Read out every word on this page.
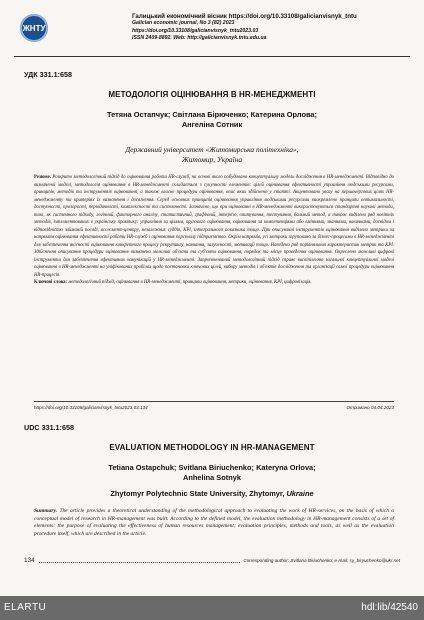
ЖНТУ
Галицький економічний вісник https://doi.org/10.33108/galicianvisnyk_tntu
Galician economic journal, No 3 (82) 2023
https://doi.org/10.33108/galicianvisnyk_tntu2023.03
ISSN 2409-8892. Web: http://galicianvisnyk.tntu.edu.ua
УДК 331.1:658
МЕТОДОЛОГІЯ ОЦІНЮВАННЯ В HR-МЕНЕДЖМЕНТІ
Тетяна Остапчук; Світлана Бірюченко; Катерина Орлова;
Ангеліна Сотник
Державний університет «Житомирська політехніка»,
Житомир, Україна
Резюме. Розкрито методологічний підхід до оцінювання роботи HR-служб, на основі якого побудовано концептуальну модель дослідження в HR-менеджменті. Відповідно до визначеної моделі, методологія оцінювання в HR-менеджменті складається з сукупності елементів: цілей оцінювання ефективності управління людськими ресурсами, принципів, методів та інструментів оцінювання, а також власне процедури оцінювання, опис яких здійснено у статті. Акцентовано увагу на першочергових цілях HR-менеджменту та критеріях їх визначення і досягнення. Серед основних принципів оцінювання управління людськими ресурсами виокремлено принципи оптимальності, доступності, прозорості, періодичності, комплексності та системності. Зазначено, що при оцінюванні в HR-менеджменті використовуються стандартні наукові методи, такі, як системного підходу, логічний, факторного аналізу, статистичний, графічний, інтерв'ю, опитування, тестування, бальний метод, а також виділено ряд новітніх методів, імплементованих в українську практику: управління за цілями, кругового оцінювання, оцінювання за компетенціями або вміннями, знаннями, навичками, досвідом і відповідністю займаній посаді, ассесмент-центру, незалежних суддів, KPI, інтегрального показника тощо. При описуванні інструментів оцінювання виділено метрики за напрямом оцінювання ефективності роботи HR-служб і оцінювання персоналу підприємства. Окрім напрямів, усі метрики згруповано за бізнес-процесами в HR-менеджменті для забезпечення якісності оцінювання конкретного процесу рекрутингу, навчання, залученості, мотивації тощо. Наведено ряд порівняльних характеристик метрик та KPI. Здійснення описування процедури оцінювання визначено можливі об'єкти та суб'єкти оцінювання, порядок та місце проведення оцінювання. Окреслено можливі цифрові інструменти для забезпечення ефективних комунікацій у HR-менеджменті. Запропонований методологічний підхід сприяє висвітленню загальної концептуальної моделі оцінювання в HR-менеджменті на уніфікованих пробілах щодо постановки ключових цілей, вибору методів і об'єктів дослідження та організації самої процедури оцінювання HR-процесів.
Ключові слова: методологічний підхід, оцінювання в HR-менеджменті, принципи оцінювання, метрики, оцінювання, KPI, цифровізація.
https://doi.org/10.33108/galicianvisnyk_tntu2023.03.134	Отримано 04.04.2023
UDC 331.1:658
EVALUATION METHODOLOGY IN HR-MANAGEMENT
Tetiana Ostapchuk; Svitlana Biriuchenko; Kateryna Orlova;
Anhelina Sotnyk
Zhytomyr Polytechnic State University, Zhytomyr, Ukraine
Summary. The article provides a theoretical understanding of the methodological approach to evaluating the work of HR-services, on the basis of which a conceptual model of research in HR-management was built. According to the defined model, the evaluation methodology in HR-management consists of a set of elements: the purpose of evaluating the effectiveness of human resources management; evaluation principles, methods and tools, as well as the evaluation procedure itself, which are described in the article.
134	Corresponding author: Svitlana Biriuchenko; e-mail: sy_biryuchenko@ukr.net
ELARTU	hdl:lib/42540
